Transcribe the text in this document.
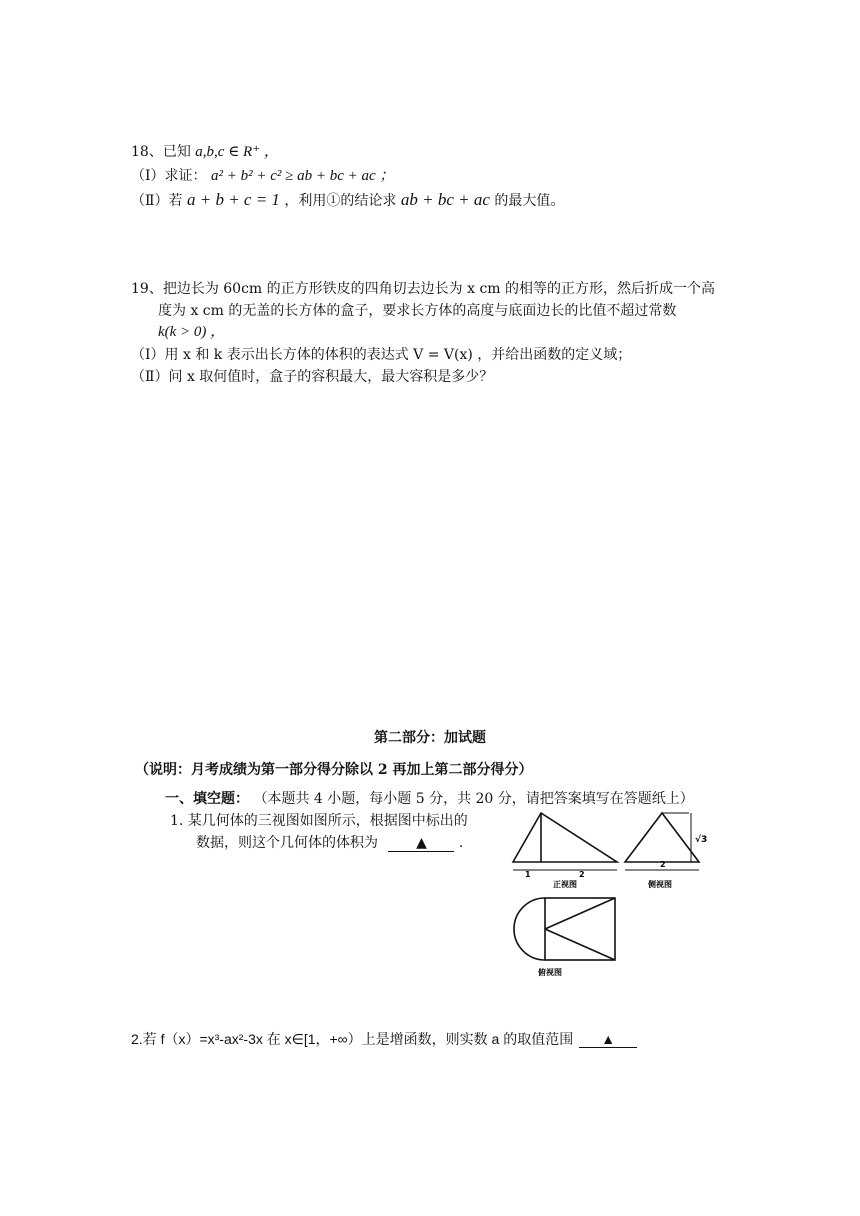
18、已知 a,b,c ∈ R⁺ ，
（Ⅰ）求证： a² + b² + c² ≥ ab + bc + ac ；
（Ⅱ）若 a + b + c = 1 ，利用①的结论求 ab + bc + ac 的最大值。
19、把边长为 60cm 的正方形铁皮的四角切去边长为 x cm 的相等的正方形，然后折成一个高
度为 x cm 的无盖的长方体的盒子，要求长方体的高度与底面边长的比值不超过常数
k(k > 0) ，
（Ⅰ）用 x 和 k 表示出长方体的体积的表达式 V = V(x) ，并给出函数的定义域；
（Ⅱ）问 x 取何值时，盒子的容积最大，最大容积是多少？
第二部分：加试题
（说明：月考成绩为第一部分得分除以 2 再加上第二部分得分）
一、填空题： （本题共 4 小题，每小题 5 分，共 20 分，请把答案填写在答题纸上）
1. 某几何体的三视图如图所示，根据图中标出的
数据，则这个几何体的体积为	▲ .
1	2
正视图
√3
2
侧视图
俯视图
2.若 f（x）=x³-ax²-3x 在 x∈[1，+∞）上是增函数，则实数 a 的取值范围 ▲
